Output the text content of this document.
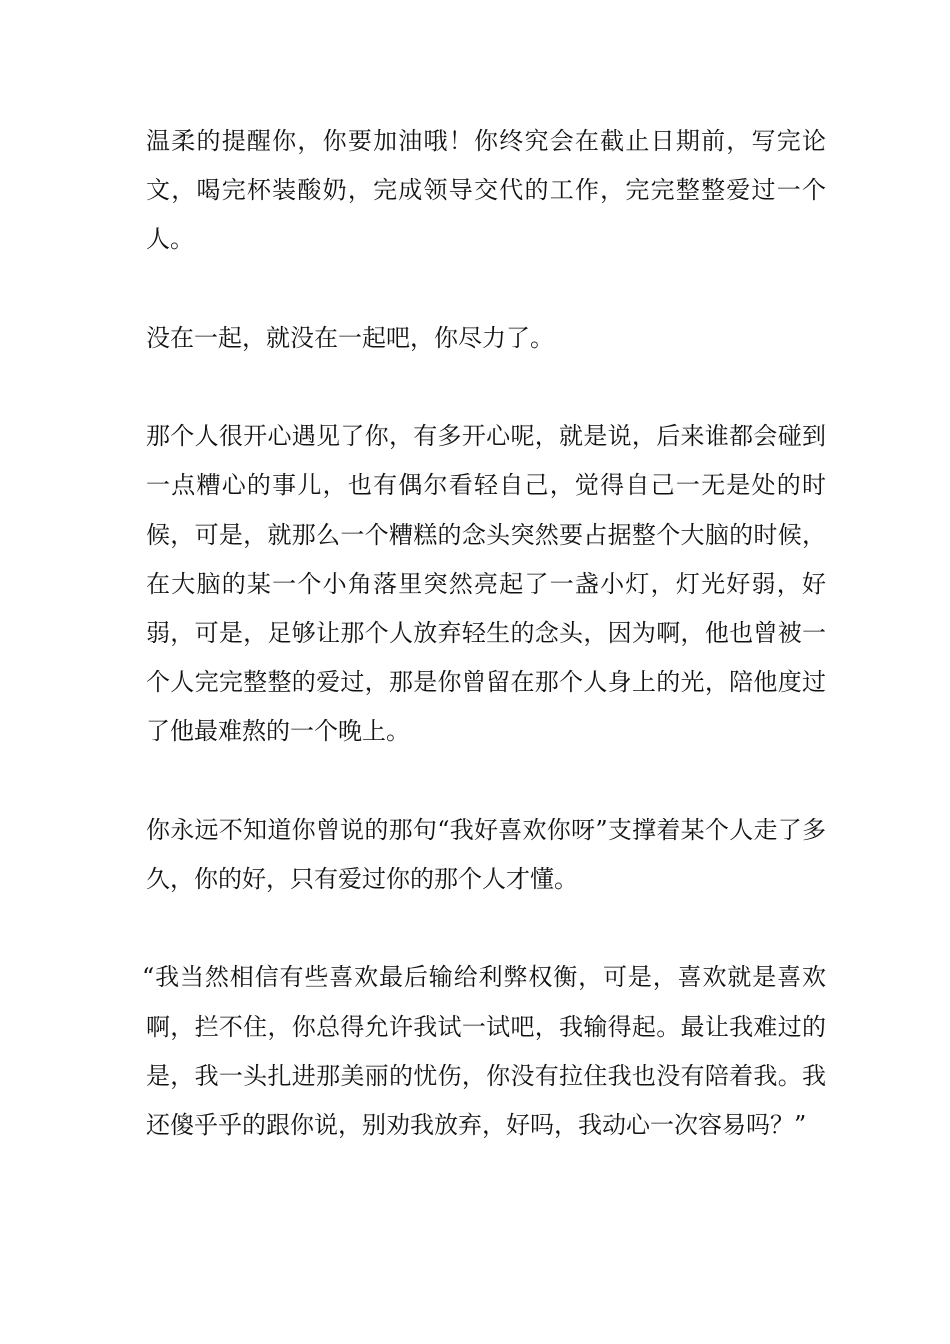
温柔的提醒你，你要加油哦！你终究会在截止日期前，写完论文，喝完杯装酸奶，完成领导交代的工作，完完整整爱过一个人。

没在一起，就没在一起吧，你尽力了。

那个人很开心遇见了你，有多开心呢，就是说，后来谁都会碰到一点糟心的事儿，也有偶尔看轻自己，觉得自己一无是处的时候，可是，就那么一个糟糕的念头突然要占据整个大脑的时候，在大脑的某一个小角落里突然亮起了一盏小灯，灯光好弱，好弱，可是，足够让那个人放弃轻生的念头，因为啊，他也曾被一个人完完整整的爱过，那是你曾留在那个人身上的光，陪他度过了他最难熬的一个晚上。

你永远不知道你曾说的那句“我好喜欢你呀”支撑着某个人走了多久，你的好，只有爱过你的那个人才懂。

“我当然相信有些喜欢最后输给利弊权衡，可是，喜欢就是喜欢啊，拦不住，你总得允许我试一试吧，我输得起。最让我难过的是，我一头扎进那美丽的忧伤，你没有拉住我也没有陪着我。我还傻乎乎的跟你说，别劝我放弃，好吗，我动心一次容易吗？”
